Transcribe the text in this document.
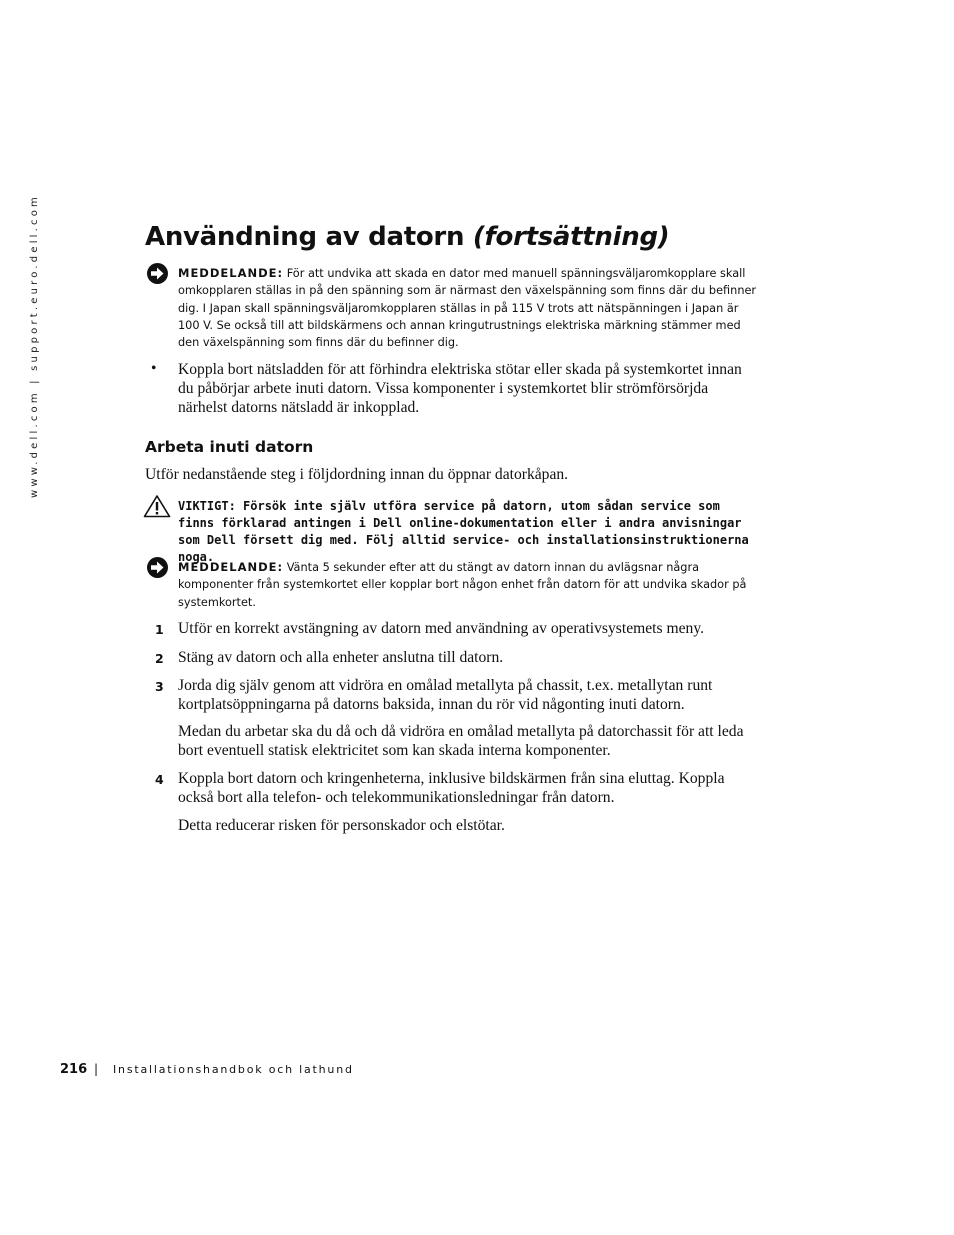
www.dell.com | support.euro.dell.com	Användning av datorn (fortsättning)
MEDDELANDE: För att undvika att skada en dator med manuell spänningsväljaromkopplare skall omkopplaren ställas in på den spänning som är närmast den växelspänning som finns där du befinner dig. I Japan skall spänningsväljaromkopplaren ställas in på 115 V trots att nätspänningen i Japan är 100 V. Se också till att bildskärmens och annan kringutrustnings elektriska märkning stämmer med den växelspänning som finns där du befinner dig.
• Koppla bort nätsladden för att förhindra elektriska stötar eller skada på systemkortet innan du påbörjar arbete inuti datorn. Vissa komponenter i systemkortet blir strömförsörjda närhelst datorns nätsladd är inkopplad.
Arbeta inuti datorn
Utför nedanstående steg i följdordning innan du öppnar datorkåpan.
VIKTIGT: Försök inte själv utföra service på datorn, utom sådan service som finns förklarad antingen i Dell online-dokumentation eller i andra anvisningar som Dell försett dig med. Följ alltid service- och installationsinstruktionerna noga.
MEDDELANDE: Vänta 5 sekunder efter att du stängt av datorn innan du avlägsnar några komponenter från systemkortet eller kopplar bort någon enhet från datorn för att undvika skador på systemkortet.
1 Utför en korrekt avstängning av datorn med användning av operativsystemets meny.
2 Stäng av datorn och alla enheter anslutna till datorn.
3 Jorda dig själv genom att vidröra en omålad metallyta på chassit, t.ex. metallytan runt kortplatsöppningarna på datorns baksida, innan du rör vid någonting inuti datorn.
Medan du arbetar ska du då och då vidröra en omålad metallyta på datorchassit för att leda bort eventuell statisk elektricitet som kan skada interna komponenter.
4 Koppla bort datorn och kringenheterna, inklusive bildskärmen från sina eluttag. Koppla också bort alla telefon- och telekommunikationsledningar från datorn.
Detta reducerar risken för personskador och elstötar.
216 | Installationshandbok och lathund
